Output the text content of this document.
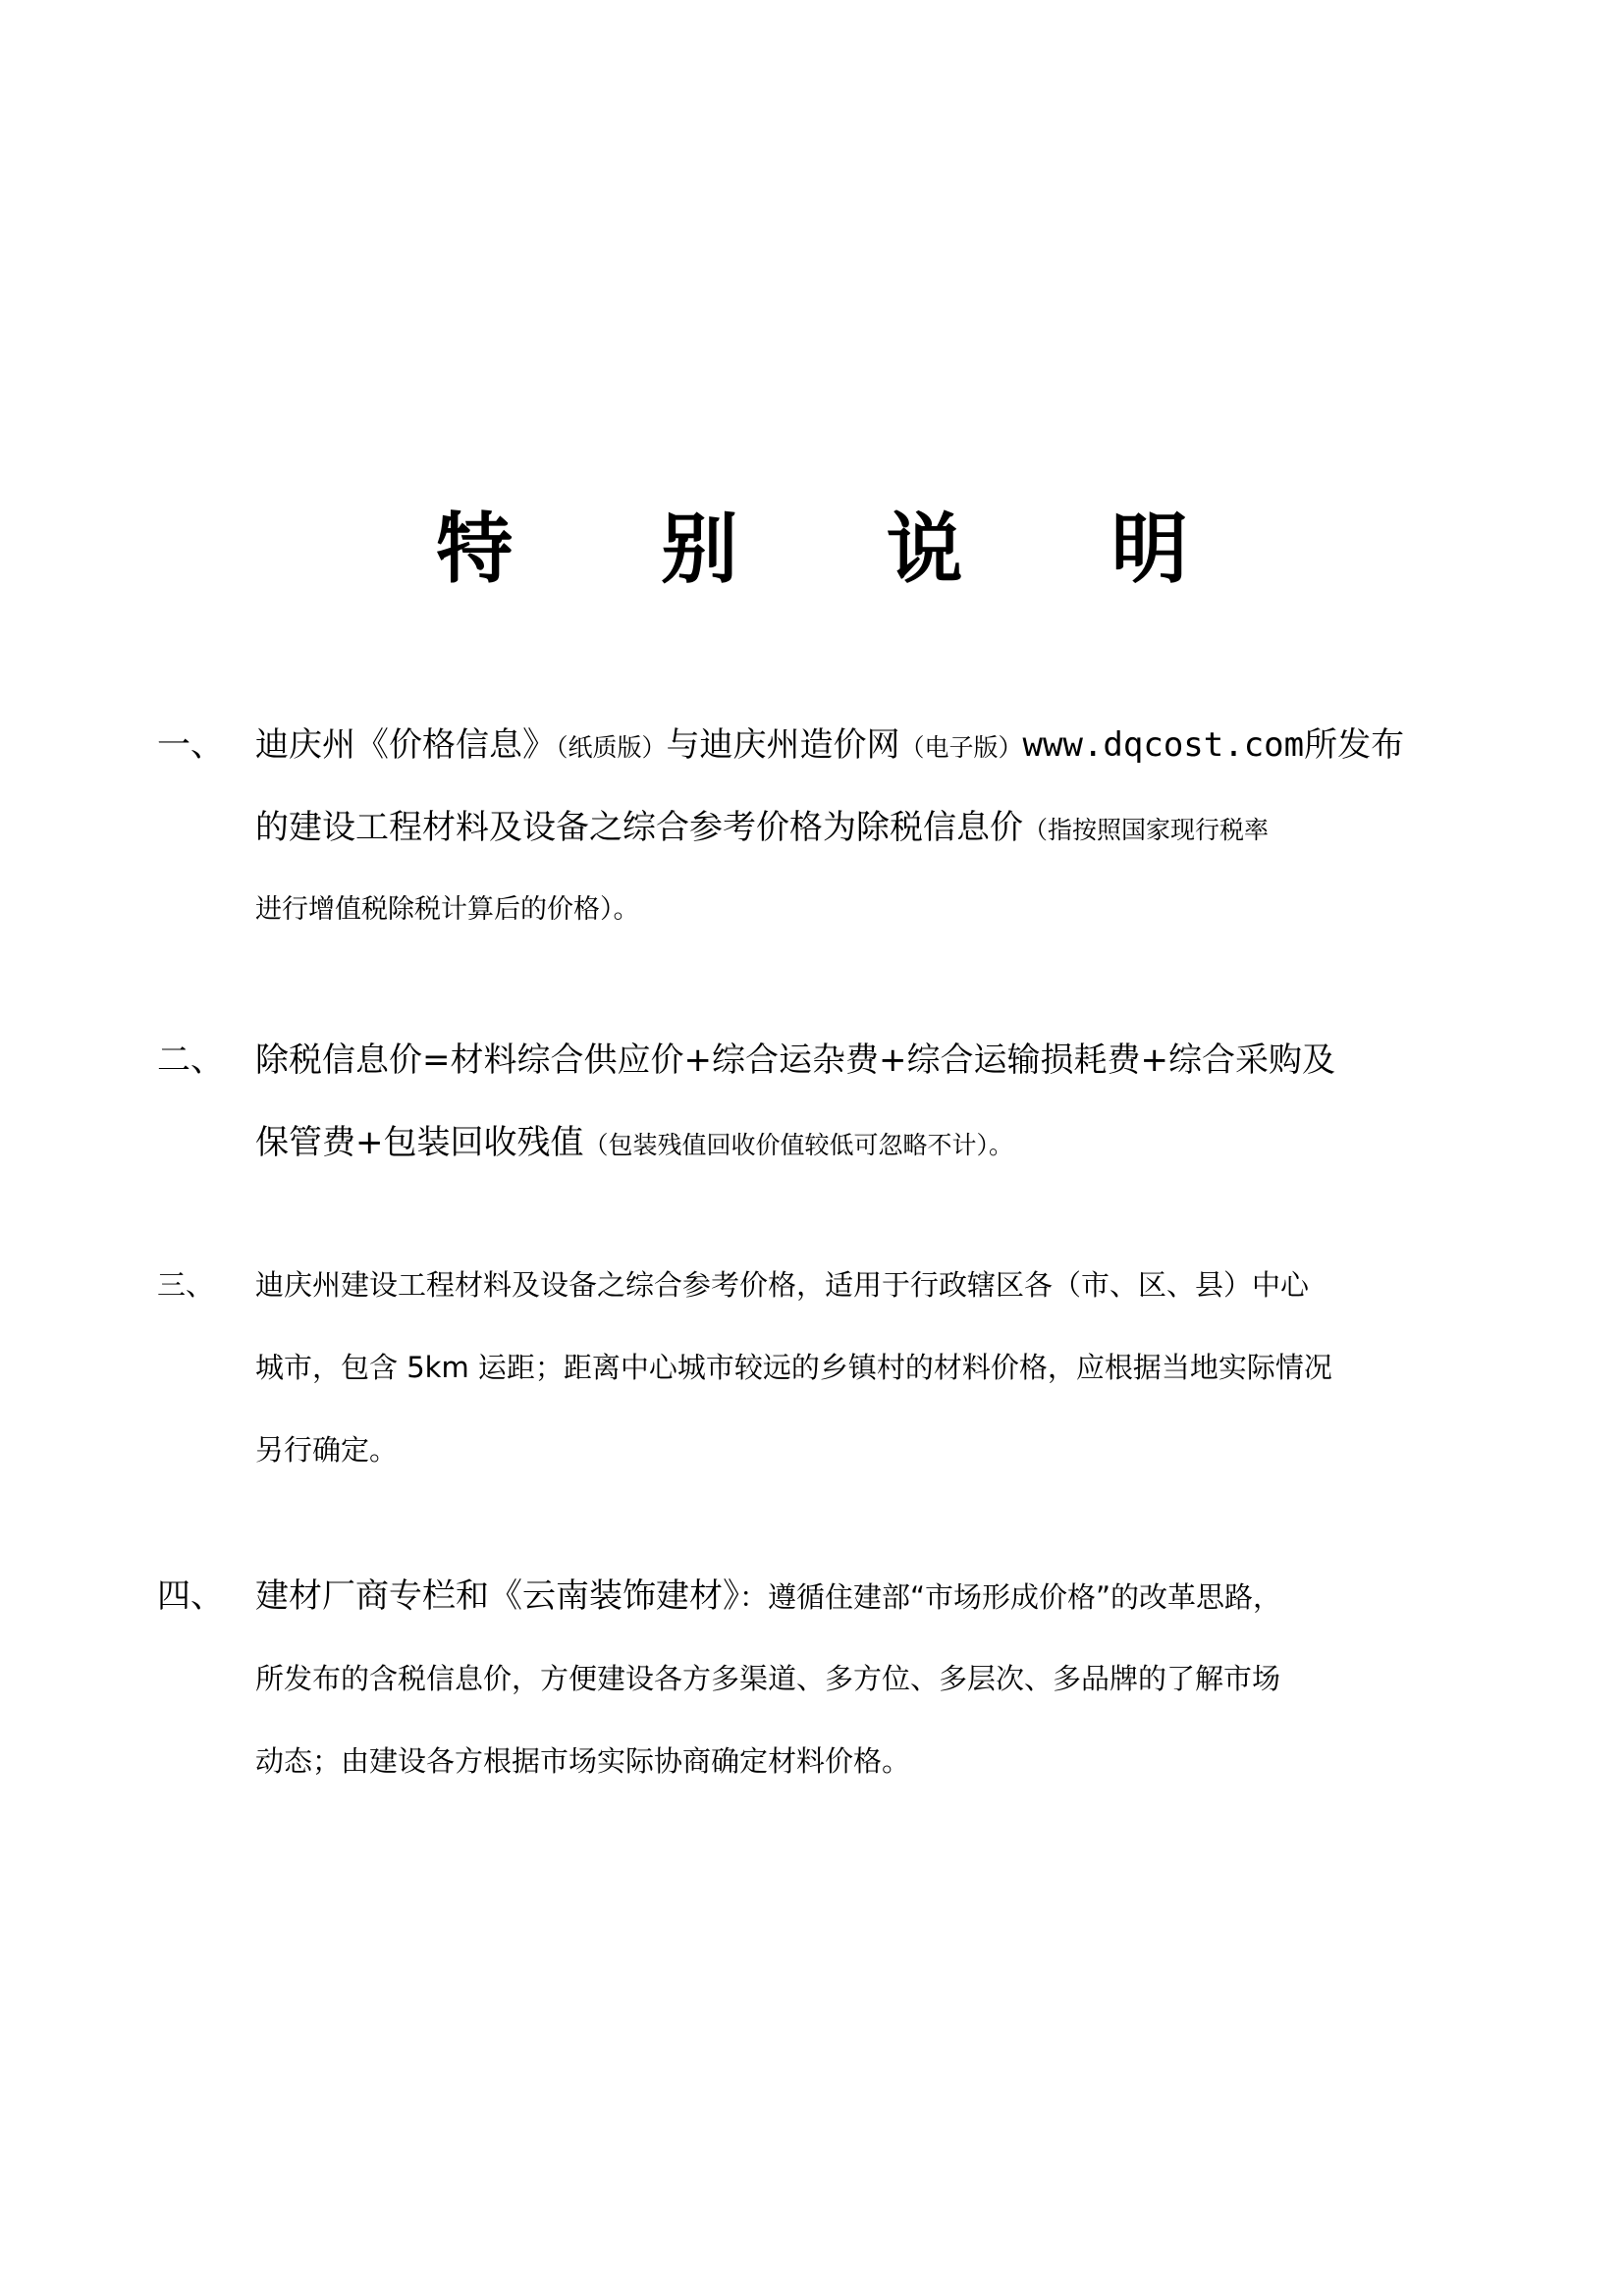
特 别 说 明
一、 迪庆州《价格信息》（纸质版）与迪庆州造价网（电子版）www.dqcost.com所发布
的建设工程材料及设备之综合参考价格为除税信息价（指按照国家现行税率
进行增值税除税计算后的价格）。
二、 除税信息价=材料综合供应价+综合运杂费+综合运输损耗费+综合采购及
保管费+包装回收残值（包装残值回收价值较低可忽略不计）。
三、 迪庆州建设工程材料及设备之综合参考价格，适用于行政辖区各（市、区、县）中心
城市，包含 5km 运距；距离中心城市较远的乡镇村的材料价格，应根据当地实际情况
另行确定。
四、 建材厂商专栏和《云南装饰建材》：遵循住建部“市场形成价格”的改革思路，
所发布的含税信息价，方便建设各方多渠道、多方位、多层次、多品牌的了解市场
动态；由建设各方根据市场实际协商确定材料价格。
